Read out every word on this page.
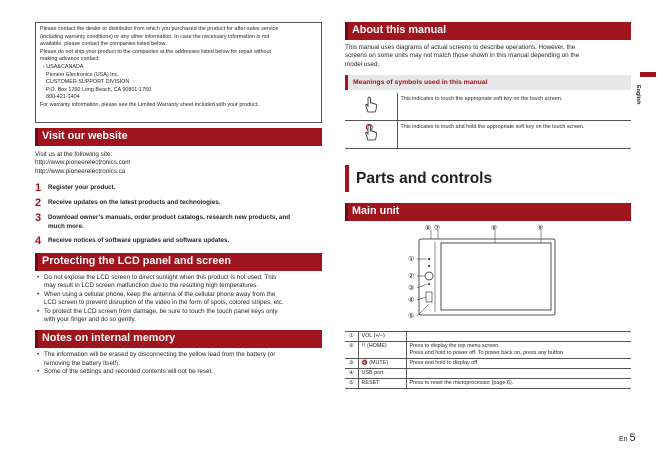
Please contact the dealer or distributor from which you purchased the product for after-sales service
(including warranty conditions) or any other information. In case the necessary information is not
available, please contact the companies listed below.
Please do not ship your product to the companies at the addresses listed below for repair without
making advance contact.
- USA&CANADA
Pioneer Electronics (USA) Inc.
CUSTOMER SUPPORT DIVISION
P.O. Box 1760 Long Beach, CA 90801-1760
800-421-1404
For warranty information, please see the Limited Warranty sheet included with your product.
Visit our website
Visit us at the following site:
http://www.pioneerelectronics.com
http://www.pioneerelectronics.ca
1	Register your product.
2	Receive updates on the latest products and technologies.
3	Download owner’s manuals, order product catalogs, research new products, and
much more.
4	Receive notices of software upgrades and software updates.
Protecting the LCD panel and screen
• Do not expose the LCD screen to direct sunlight when this product is not used. This
may result in LCD screen malfunction due to the resulting high temperatures.
• When using a cellular phone, keep the antenna of the cellular phone away from the
LCD screen to prevent disruption of the video in the form of spots, colored stripes, etc.
• To protect the LCD screen from damage, be sure to touch the touch panel keys only
with your finger and do so gently.
Notes on internal memory
• The information will be erased by disconnecting the yellow lead from the battery (or
removing the battery itself).
• Some of the settings and recorded contents will not be reset.
About this manual
This manual uses diagrams of actual screens to describe operations. However, the
screens on some units may not match those shown in this manual depending on the
model used.
Meanings of symbols used in this manual
	This indicates to touch the appropriate soft key on the touch screen.
	This indicates to touch and hold the appropriate soft key on the touch screen.
Parts and controls
Main unit
⑥ ⑦	⑧	⑨
①
②
③
④
⑤
①	VOL (+/–)	
②	⠿ (HOME)	Press to display the top menu screen.
Press and hold to power off. To power back on, press any button.

③	🔇 (MUTE)	Press and hold to display off.
④	USB port	
⑤	RESET	Press to reset the microprocessor (page 6).
English
En 5
